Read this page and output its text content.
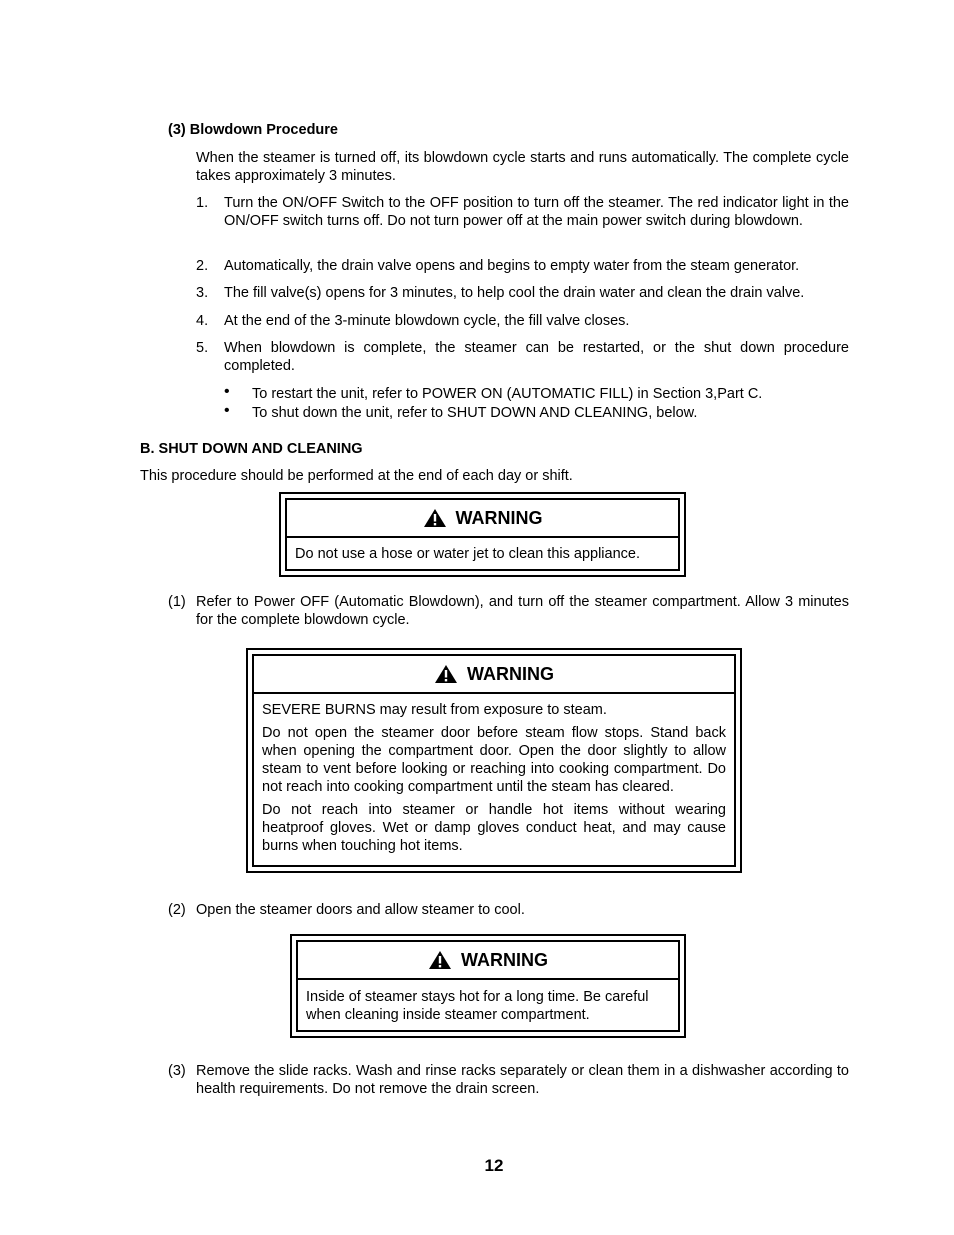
(3) Blowdown Procedure
When the steamer is turned off, its blowdown cycle starts and runs automatically. The complete cycle takes approximately 3 minutes.
1. Turn the ON/OFF Switch to the OFF position to turn off the steamer. The red indicator light in the ON/OFF switch turns off. Do not turn power off at the main power switch during blowdown.
2. Automatically, the drain valve opens and begins to empty water from the steam generator.
3. The fill valve(s) opens for 3 minutes, to help cool the drain water and clean the drain valve.
4. At the end of the 3-minute blowdown cycle, the fill valve closes.
5. When blowdown is complete, the steamer can be restarted, or the shut down procedure completed.
• To restart the unit, refer to POWER ON (AUTOMATIC FILL) in Section 3,Part C.
• To shut down the unit, refer to SHUT DOWN AND CLEANING, below.
B. SHUT DOWN AND CLEANING
This procedure should be performed at the end of each day or shift.
WARNING

Do not use a hose or water jet to clean this appliance.

(1) Refer to Power OFF (Automatic Blowdown), and turn off the steamer compartment. Allow 3 minutes for the complete blowdown cycle.
WARNING

SEVERE BURNS may result from exposure to steam.

Do not open the steamer door before steam flow stops. Stand back when opening the compartment door. Open the door slightly to allow steam to vent before looking or reaching into cooking compartment. Do not reach into cooking compartment until the steam has cleared.

Do not reach into steamer or handle hot items without wearing heatproof gloves. Wet or damp gloves conduct heat, and may cause burns when touching hot items.

(2) Open the steamer doors and allow steamer to cool.
WARNING

Inside of steamer stays hot for a long time. Be careful when cleaning inside steamer compartment.

(3) Remove the slide racks. Wash and rinse racks separately or clean them in a dishwasher according to health requirements. Do not remove the drain screen.
12
